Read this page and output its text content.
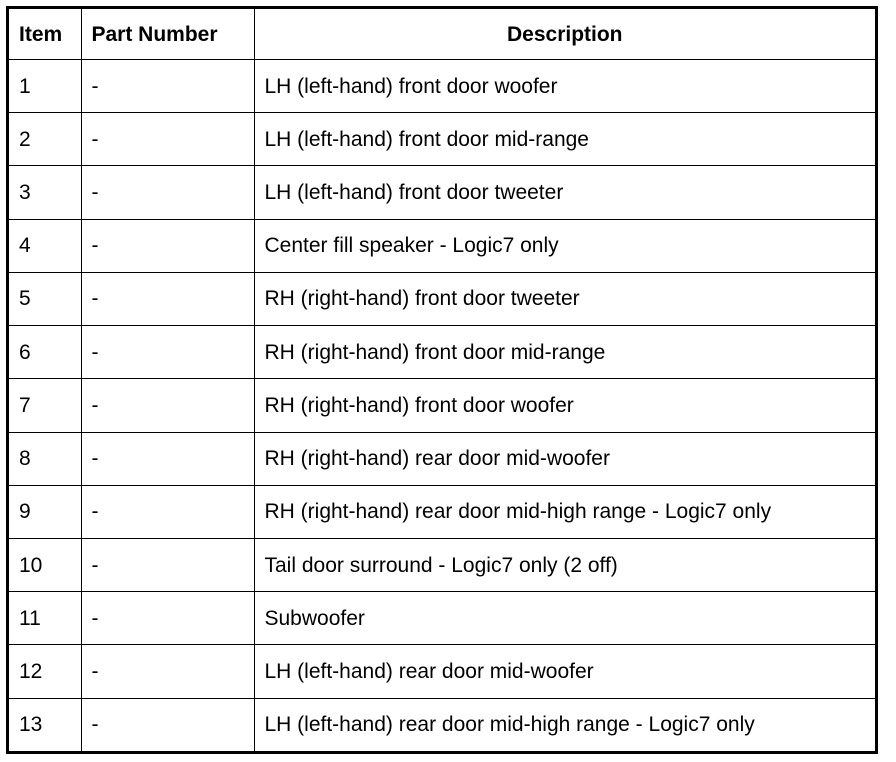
Item	Part Number	Description
1	-	LH (left-hand) front door woofer
2	-	LH (left-hand) front door mid-range
3	-	LH (left-hand) front door tweeter
4	-	Center fill speaker - Logic7 only
5	-	RH (right-hand) front door tweeter
6	-	RH (right-hand) front door mid-range
7	-	RH (right-hand) front door woofer
8	-	RH (right-hand) rear door mid-woofer
9	-	RH (right-hand) rear door mid-high range - Logic7 only
10	-	Tail door surround - Logic7 only (2 off)
11	-	Subwoofer
12	-	LH (left-hand) rear door mid-woofer
13	-	LH (left-hand) rear door mid-high range - Logic7 only
